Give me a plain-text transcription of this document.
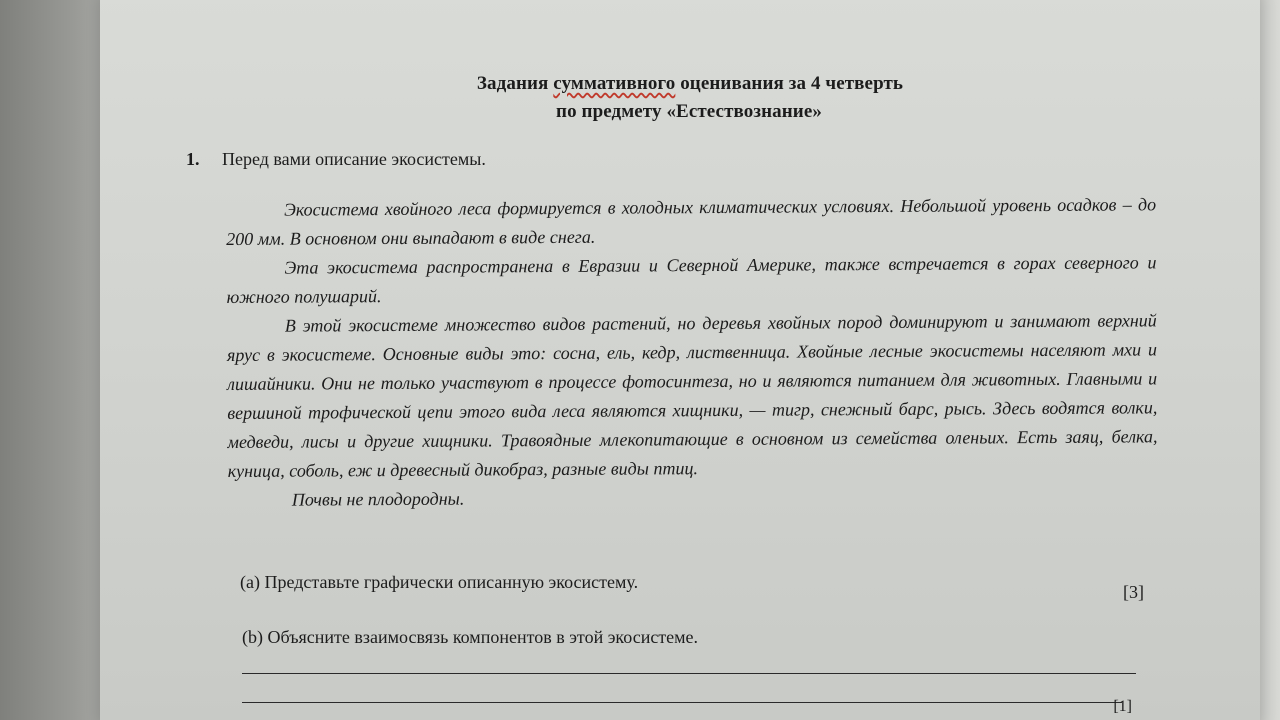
Задания суммативного оценивания за 4 четверть
по предмету «Естествознание»
1. Перед вами описание экосистемы.

Экосистема хвойного леса формируется в холодных климатических условиях. Небольшой уровень осадков – до 200 мм. В основном они выпадают в виде снега.

Эта экосистема распространена в Евразии и Северной Америке, также встречается в горах северного и южного полушарий.

В этой экосистеме множество видов растений, но деревья хвойных пород доминируют и занимают верхний ярус в экосистеме. Основные виды это: сосна, ель, кедр, лиственница. Хвойные лесные экосистемы населяют мхи и лишайники. Они не только участвуют в процессе фотосинтеза, но и являются питанием для животных. Главными и вершиной трофической цепи этого вида леса являются хищники, — тигр, снежный барс, рысь. Здесь водятся волки, медведи, лисы и другие хищники. Травоядные млекопитающие в основном из семейства оленьих. Есть заяц, белка, куница, соболь, еж и древесный дикобраз, разные виды птиц.

Почвы не плодородны.

(a) Представьте графически описанную экосистему.	[3]
(b) Объясните взаимосвязь компонентов в этой экосистеме.
[1]
